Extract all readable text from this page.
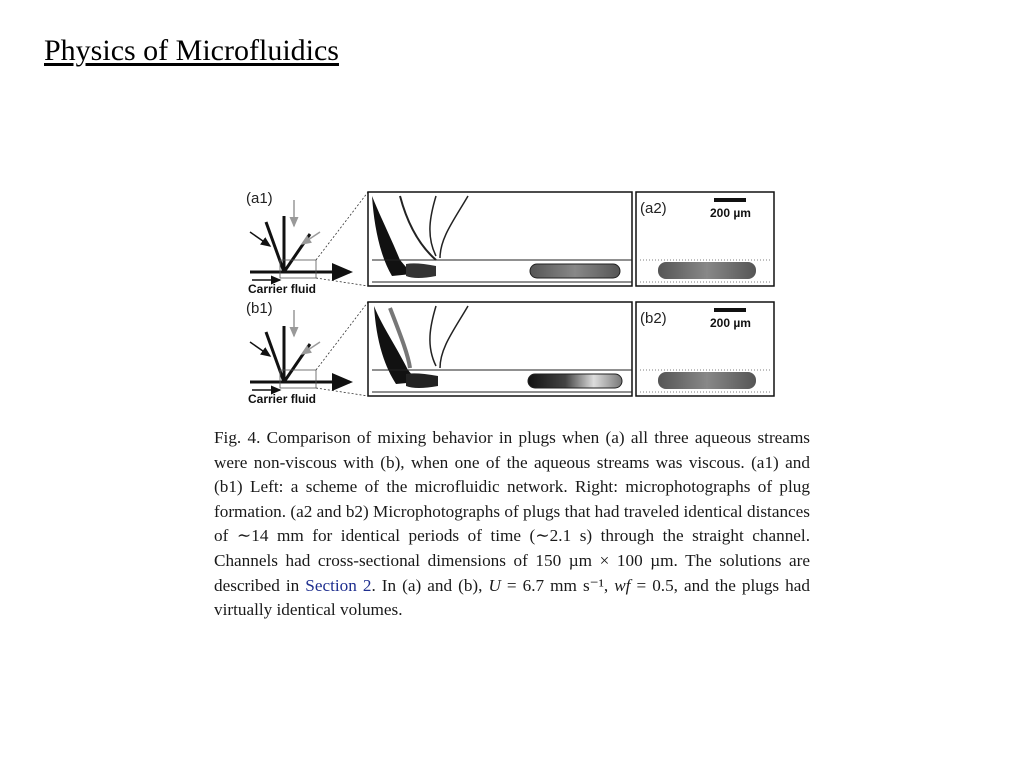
Physics of Microfluidics
(a1)
(b1)
(a2)
(b2)
Carrier fluid
Carrier fluid
200 µm
200 µm
Fig. 4. Comparison of mixing behavior in plugs when (a) all three aqueous streams were non-viscous with (b), when one of the aqueous streams was viscous. (a1) and (b1) Left: a scheme of the microfluidic network. Right: microphotographs of plug formation. (a2 and b2) Microphotographs of plugs that had traveled identical distances of ∼14 mm for identical periods of time (∼2.1 s) through the straight channel. Channels had cross-sectional dimensions of 150 µm × 100 µm. The solutions are described in Section 2. In (a) and (b), U = 6.7 mm s⁻¹, wf = 0.5, and the plugs had virtually identical volumes.
